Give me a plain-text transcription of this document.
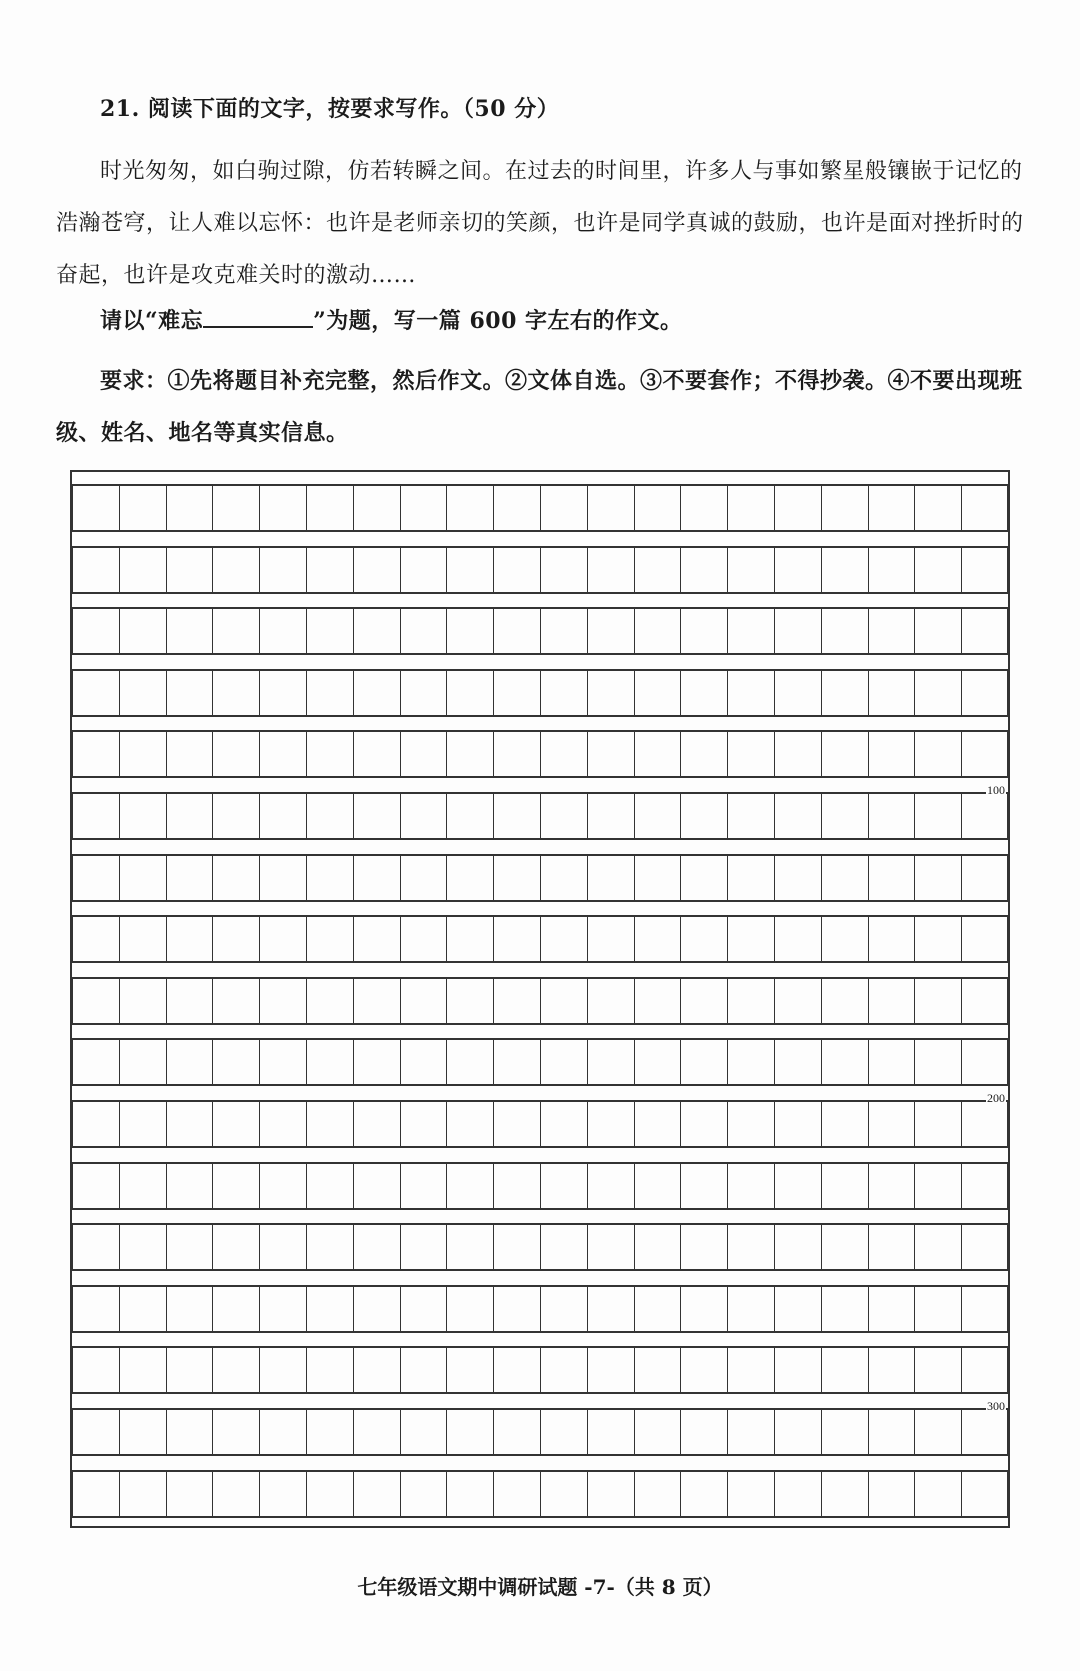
21. 阅读下面的文字，按要求写作。（50 分）

时光匆匆，如白驹过隙，仿若转瞬之间。在过去的时间里，许多人与事如繁星般镶嵌于记忆的浩瀚苍穹，让人难以忘怀：也许是老师亲切的笑颜，也许是同学真诚的鼓励，也许是面对挫折时的奋起，也许是攻克难关时的激动……

请以“难忘	”为题，写一篇 600 字左右的作文。

要求：①先将题目补充完整，然后作文。②文体自选。③不要套作；不得抄袭。④不要出现班级、姓名、地名等真实信息。

100
200
300

七年级语文期中调研试题 -7-（共 8 页）
